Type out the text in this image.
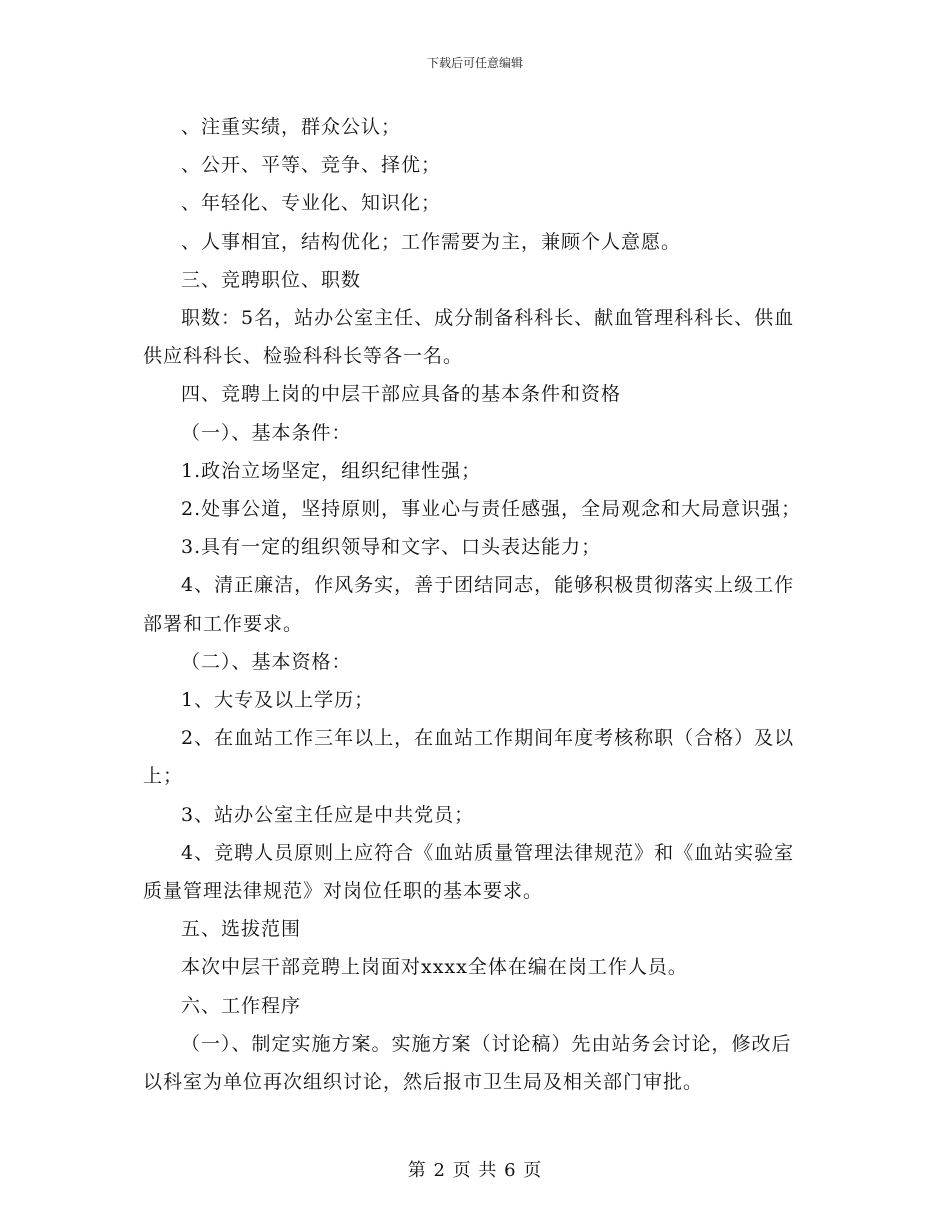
下载后可任意编辑

、注重实绩，群众公认；

、公开、平等、竞争、择优；

、年轻化、专业化、知识化；

、人事相宜，结构优化；工作需要为主，兼顾个人意愿。

三、竞聘职位、职数

职数：5名，站办公室主任、成分制备科科长、献血管理科科长、供血供应科科长、检验科科长等各一名。

四、竞聘上岗的中层干部应具备的基本条件和资格

（一）、基本条件：

1.政治立场坚定，组织纪律性强；

2.处事公道，坚持原则，事业心与责任感强，全局观念和大局意识强；

3.具有一定的组织领导和文字、口头表达能力；

4、清正廉洁，作风务实，善于团结同志，能够积极贯彻落实上级工作部署和工作要求。

（二）、基本资格：

1、大专及以上学历；

2、在血站工作三年以上，在血站工作期间年度考核称职（合格）及以上；

3、站办公室主任应是中共党员；

4、竞聘人员原则上应符合《血站质量管理法律规范》和《血站实验室质量管理法律规范》对岗位任职的基本要求。

五、选拔范围

本次中层干部竞聘上岗面对xxxx全体在编在岗工作人员。

六、工作程序

（一）、制定实施方案。实施方案（讨论稿）先由站务会讨论，修改后以科室为单位再次组织讨论，然后报市卫生局及相关部门审批。

第 2 页 共 6 页
